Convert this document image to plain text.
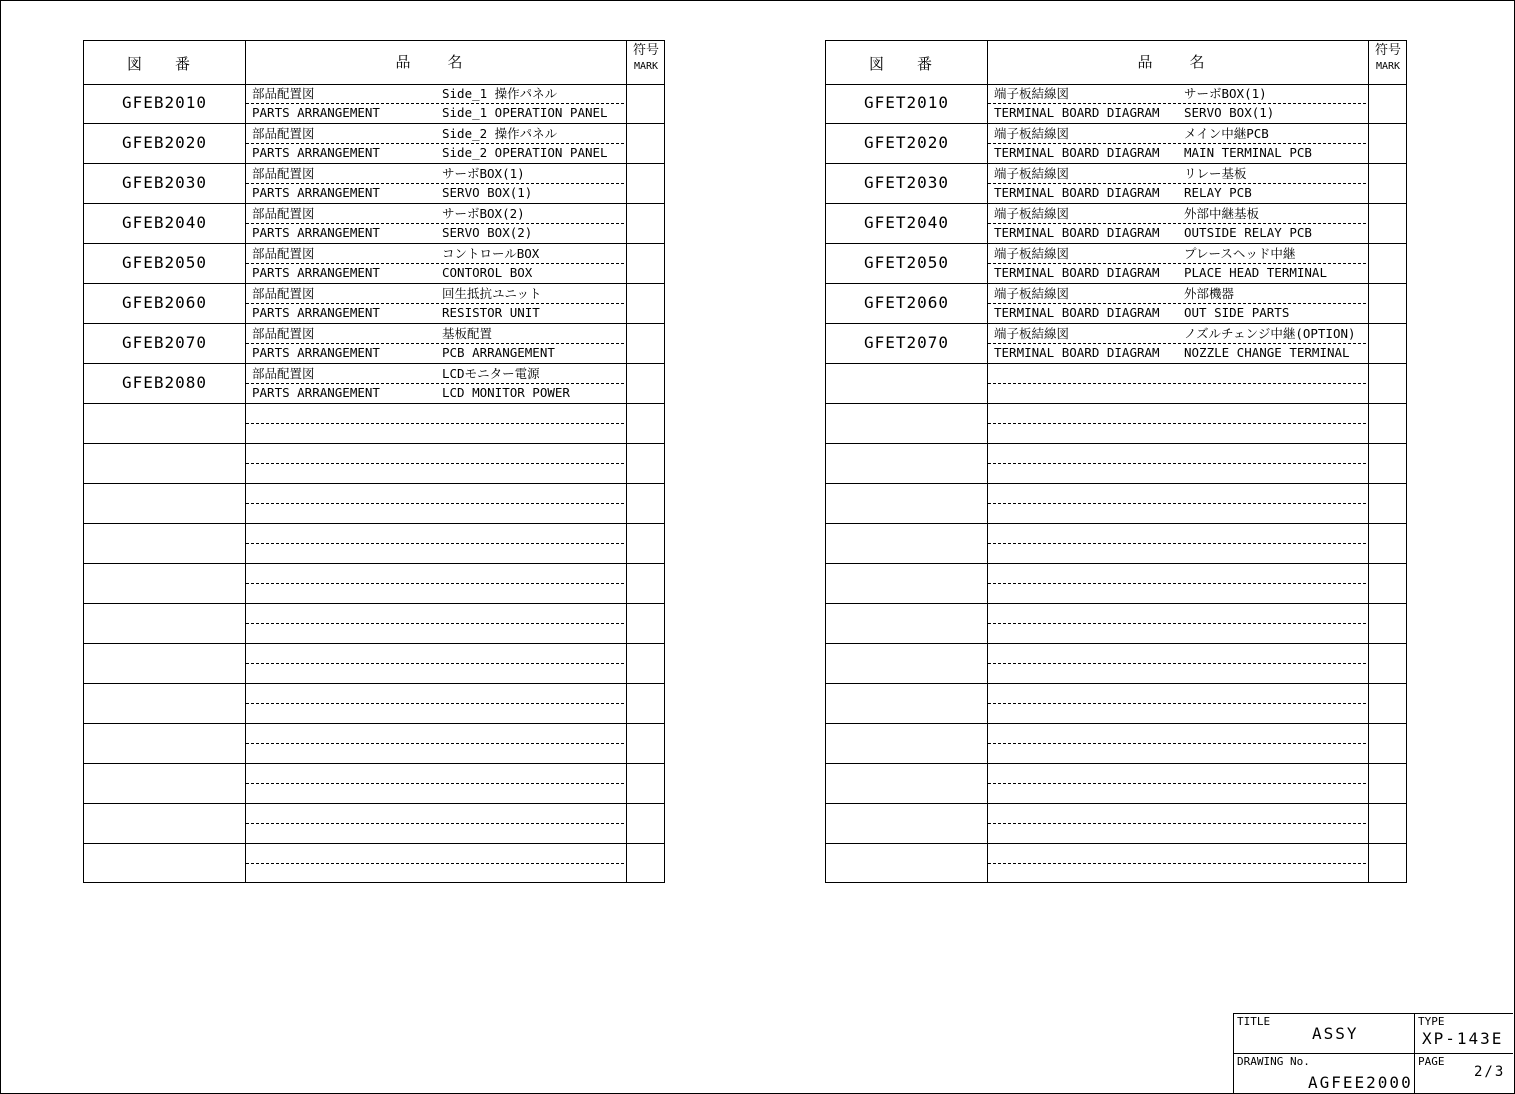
図 番	品 名
符号
MARK
GFEB2010	部品配置図	Side_1 操作パネル
PARTS ARRANGEMENT	Side_1 OPERATION PANEL
GFEB2020	部品配置図	Side_2 操作パネル
PARTS ARRANGEMENT	Side_2 OPERATION PANEL
GFEB2030	部品配置図	サーボBOX(1)
PARTS ARRANGEMENT	SERVO BOX(1)
GFEB2040	部品配置図	サーボBOX(2)
PARTS ARRANGEMENT	SERVO BOX(2)
GFEB2050	部品配置図	コントロールBOX
PARTS ARRANGEMENT	CONTOROL BOX
GFEB2060	部品配置図	回生抵抗ユニット
PARTS ARRANGEMENT	RESISTOR UNIT
GFEB2070	部品配置図	基板配置
PARTS ARRANGEMENT	PCB ARRANGEMENT
GFEB2080	部品配置図	LCDモニター電源
PARTS ARRANGEMENT	LCD MONITOR POWER
図 番	品 名
符号
MARK
GFET2010	端子板結線図	サーボBOX(1)
TERMINAL BOARD DIAGRAM SERVO BOX(1)
GFET2020	端子板結線図	メイン中継PCB
TERMINAL BOARD DIAGRAM MAIN TERMINAL PCB
GFET2030	端子板結線図	リレー基板
TERMINAL BOARD DIAGRAM RELAY PCB
GFET2040	端子板結線図	外部中継基板
TERMINAL BOARD DIAGRAM OUTSIDE RELAY PCB
GFET2050	端子板結線図	プレースヘッド中継
TERMINAL BOARD DIAGRAM PLACE HEAD TERMINAL
GFET2060	端子板結線図	外部機器
TERMINAL BOARD DIAGRAM OUT SIDE PARTS
GFET2070	端子板結線図	ノズルチェンジ中継(OPTION)
TERMINAL BOARD DIAGRAM NOZZLE CHANGE TERMINAL
TITLE
ASSY
TYPE
XP-143E
DRAWING No.
AGFEE2000
PAGE
2/3
